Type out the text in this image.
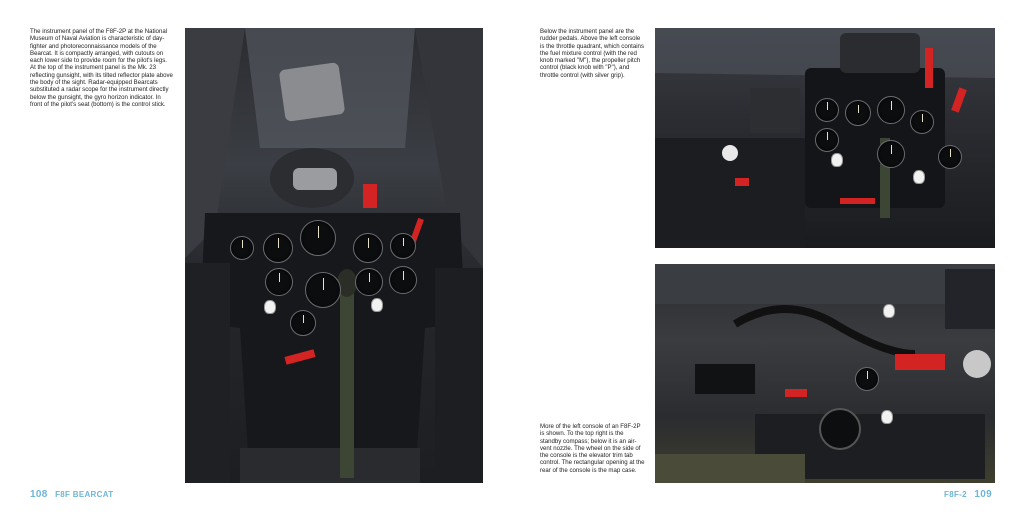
The instrument panel of the F8F-2P at the National Museum of Naval Aviation is characteristic of day-fighter and photoreconnaissance models of the Bearcat. It is compactly arranged, with cutouts on each lower side to provide room for the pilot's legs. At the top of the instrument panel is the Mk. 23 reflecting gunsight, with its tilted reflector plate above the body of the sight. Radar-equipped Bearcats substituted a radar scope for the instrument directly below the gunsight, the gyro horizon indicator. In front of the pilot's seat (bottom) is the control stick.
108 F8F BEARCAT
Below the instrument panel are the rudder pedals. Above the left console is the throttle quadrant, which contains the fuel mixture control (with the red knob marked "M"), the propeller pitch control (black knob with "P"), and throttle control (with silver grip).
More of the left console of an F8F-2P is shown. To the top right is the standby compass; below it is an air-vent nozzle. The wheel on the side of the console is the elevator trim tab control. The rectangular opening at the rear of the console is the map case.
F8F-2 109
